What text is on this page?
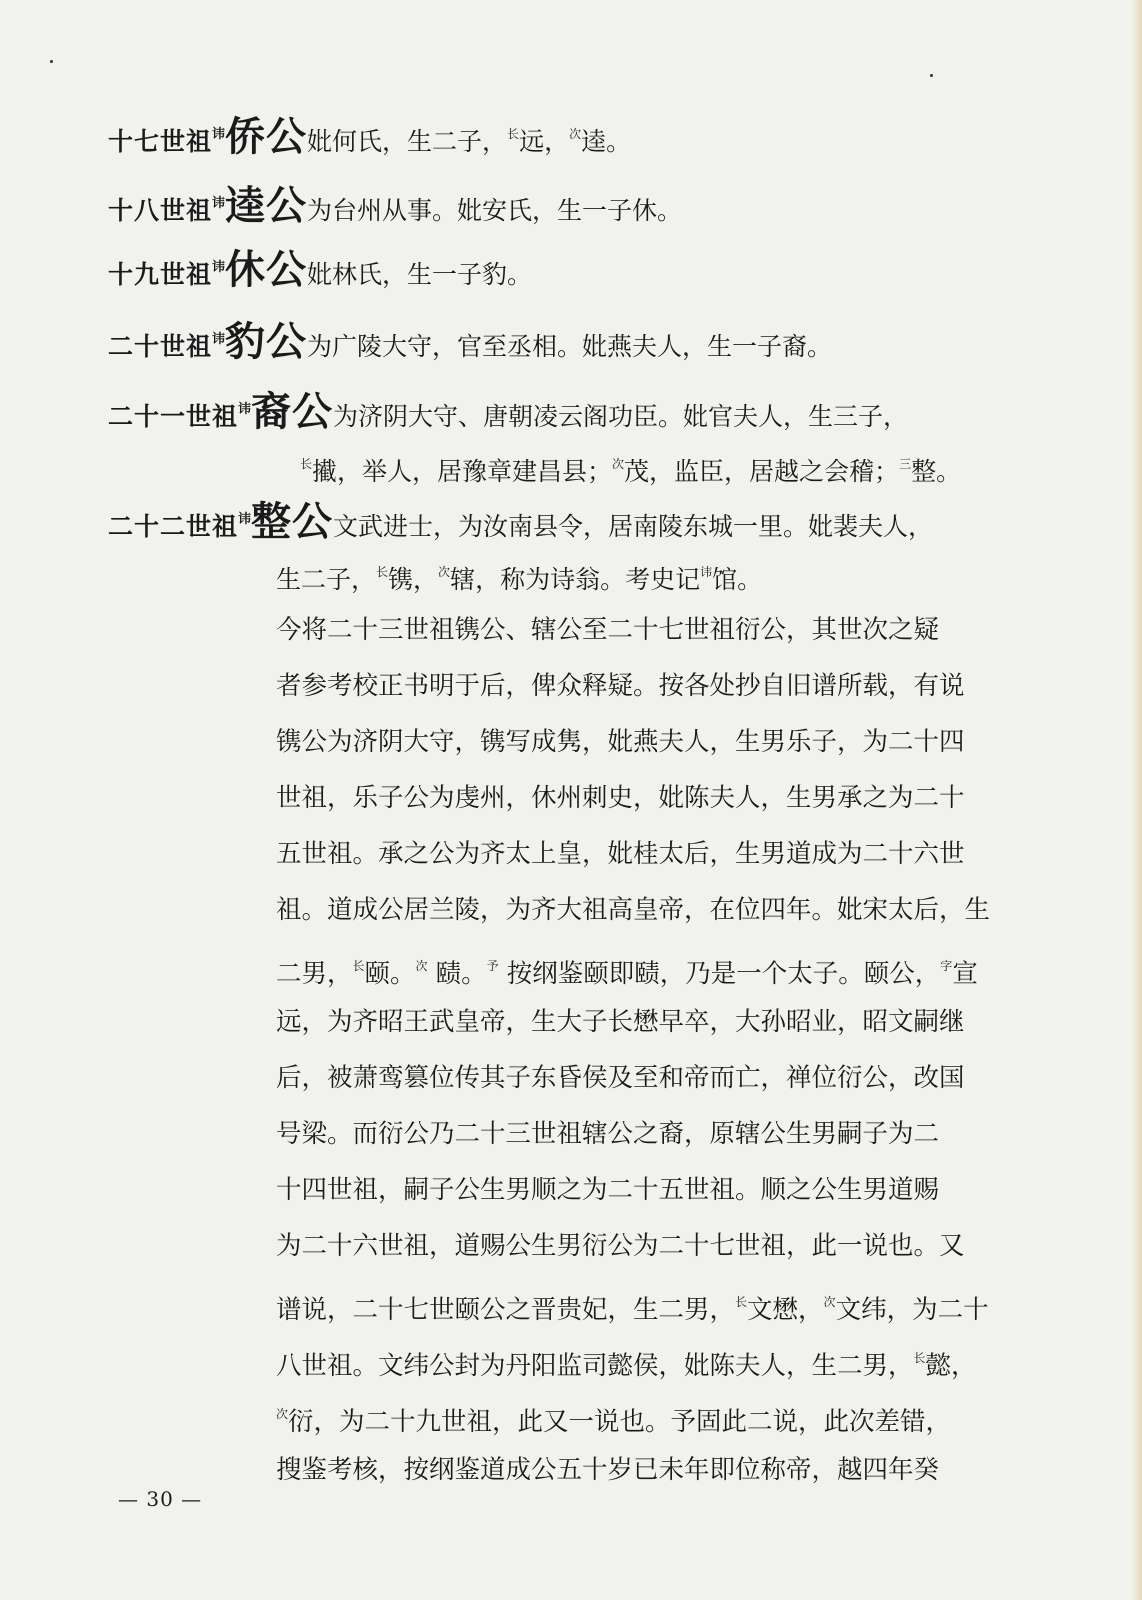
十七世祖$^讳$侨公妣何氏，生二子，$^长$远，$^次$逵。
十八世祖$^讳$逵公为台州从事。妣安氏，生一子休。
十九世祖$^讳$休公妣林氏，生一子豹。
二十世祖$^讳$豹公为广陵大守，官至丞相。妣燕夫人，生一子裔。
二十一世祖$^讳$裔公为济阴大守、唐朝凌云阁功臣。妣官夫人，生三子，
$^长$擮，举人，居豫章建昌县；$^次$茂，监臣，居越之会稽；$^三$整。
二十二世祖$^讳$整公文武进士，为汝南县令，居南陵东城一里。妣裴夫人，
生二子，$^长$镌，$^次$辖，称为诗翁。考史记$^讳$馆。
今将二十三世祖镌公、辖公至二十七世祖衍公，其世次之疑
者参考校正书明于后，俾众释疑。按各处抄自旧谱所载，有说
镌公为济阴大守，镌写成隽，妣燕夫人，生男乐子，为二十四
世祖，乐子公为虔州，休州刺史，妣陈夫人，生男承之为二十
五世祖。承之公为齐太上皇，妣桂太后，生男道成为二十六世
祖。道成公居兰陵，为齐大祖高皇帝，在位四年。妣宋太后，生
二男，$^长$颐。$^次$ 赜。$^予$ 按纲鉴颐即赜，乃是一个太子。颐公，$^字$宣
远，为齐昭王武皇帝，生大子长懋早卒，大孙昭业，昭文嗣继
后，被萧鸾篡位传其子东昏侯及至和帝而亡，禅位衍公，改国
号梁。而衍公乃二十三世祖辖公之裔，原辖公生男嗣子为二
十四世祖，嗣子公生男顺之为二十五世祖。顺之公生男道赐
为二十六世祖，道赐公生男衍公为二十七世祖，此一说也。又
谱说，二十七世颐公之晋贵妃，生二男，$^长$文懋，$^次$文纬，为二十
八世祖。文纬公封为丹阳监司懿侯，妣陈夫人，生二男，$^长$懿，
$^次$衍，为二十九世祖，此又一说也。予固此二说，此次差错，
搜鉴考核，按纲鉴道成公五十岁已未年即位称帝，越四年癸
— 30 —
